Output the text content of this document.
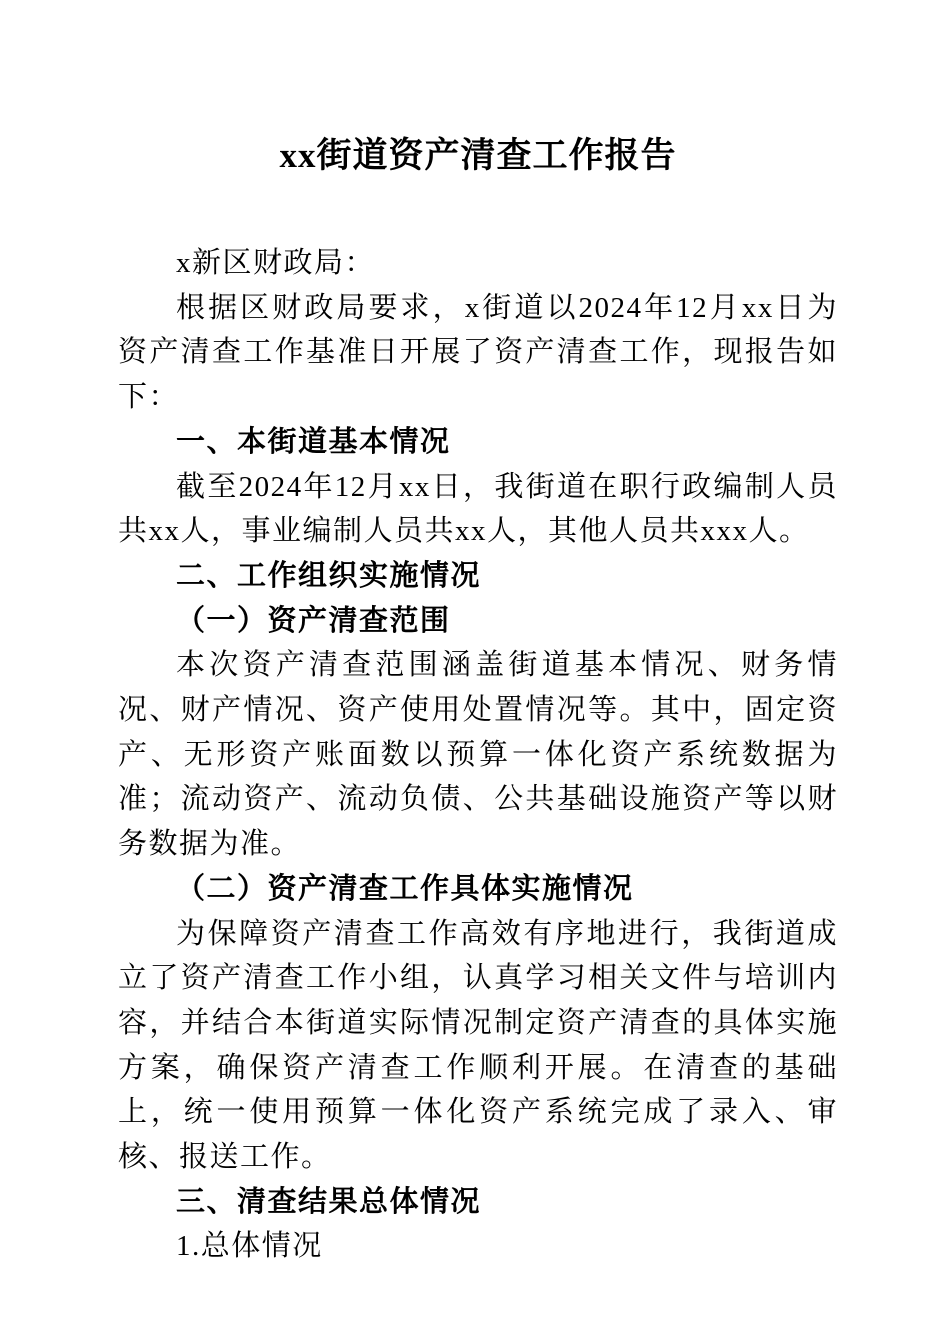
xx街道资产清查工作报告

x新区财政局：

根据区财政局要求，x街道以2024年12月xx日为资产清查工作基准日开展了资产清查工作，现报告如下：

一、本街道基本情况

截至2024年12月xx日，我街道在职行政编制人员共xx人，事业编制人员共xx人，其他人员共xxx人。

二、工作组织实施情况
（一）资产清查范围

本次资产清查范围涵盖街道基本情况、财务情况、财产情况、资产使用处置情况等。其中，固定资产、无形资产账面数以预算一体化资产系统数据为准；流动资产、流动负债、公共基础设施资产等以财务数据为准。

（二）资产清查工作具体实施情况

为保障资产清查工作高效有序地进行，我街道成立了资产清查工作小组，认真学习相关文件与培训内容，并结合本街道实际情况制定资产清查的具体实施方案，确保资产清查工作顺利开展。在清查的基础上，统一使用预算一体化资产系统完成了录入、审核、报送工作。

三、清查结果总体情况

1.总体情况
